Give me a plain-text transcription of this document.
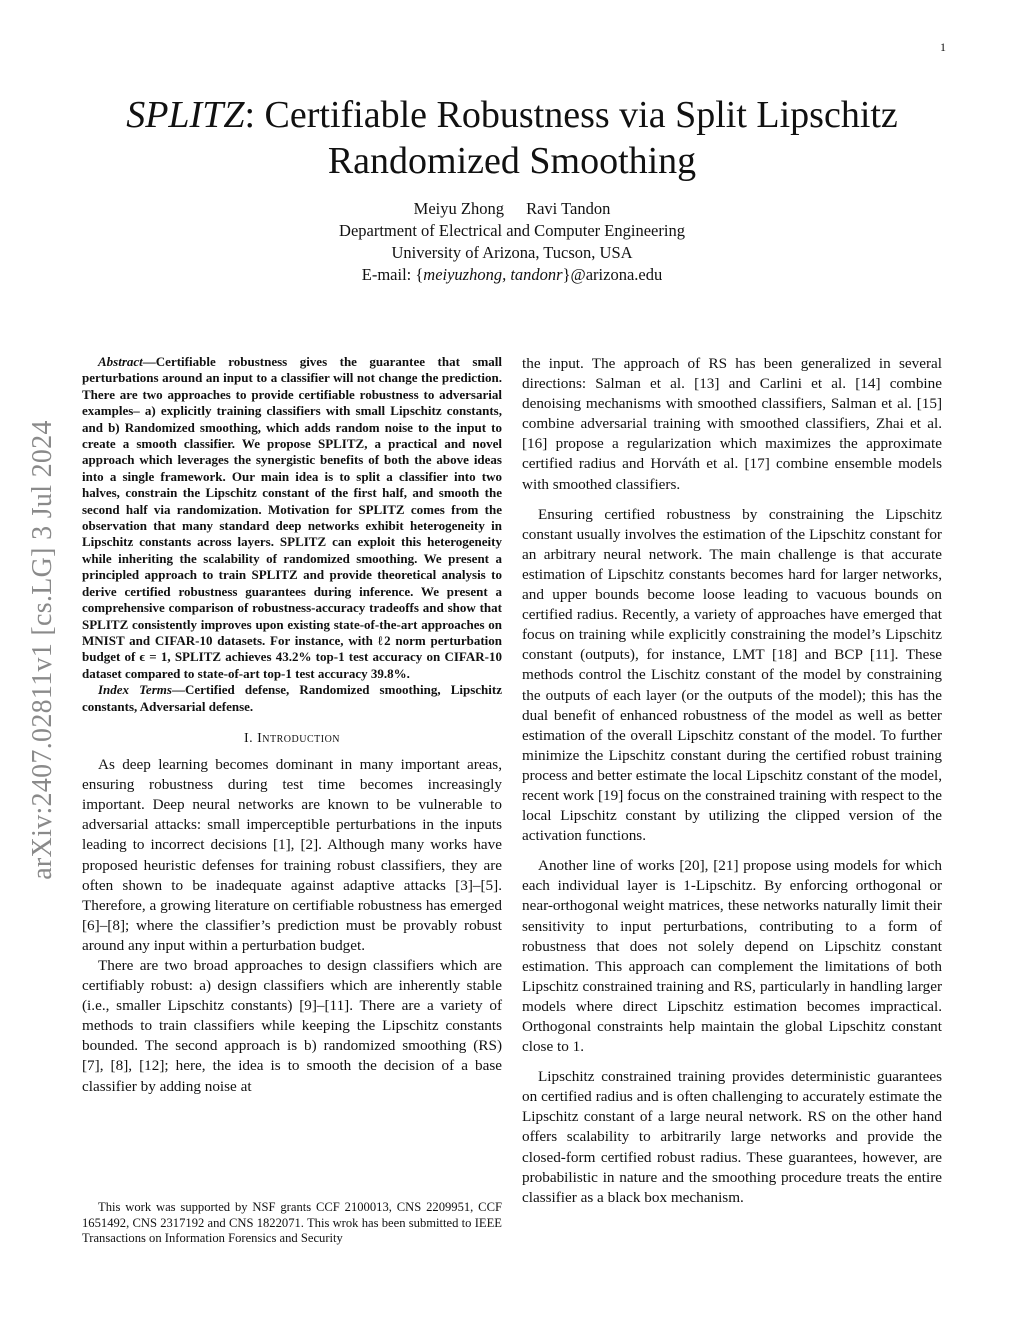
1
arXiv:2407.02811v1 [cs.LG] 3 Jul 2024
SPLITZ: Certifiable Robustness via Split Lipschitz Randomized Smoothing
Meiyu Zhong Ravi Tandon
Department of Electrical and Computer Engineering
University of Arizona, Tucson, USA
E-mail: {meiyuzhong, tandonr}@arizona.edu

Abstract—Certifiable robustness gives the guarantee that small perturbations around an input to a classifier will not change the prediction. There are two approaches to provide certifiable robustness to adversarial examples– a) explicitly training classifiers with small Lipschitz constants, and b) Randomized smoothing, which adds random noise to the input to create a smooth classifier. We propose SPLITZ, a practical and novel approach which leverages the synergistic benefits of both the above ideas into a single framework. Our main idea is to split a classifier into two halves, constrain the Lipschitz constant of the first half, and smooth the second half via randomization. Motivation for SPLITZ comes from the observation that many standard deep networks exhibit heterogeneity in Lipschitz constants across layers. SPLITZ can exploit this heterogeneity while inheriting the scalability of randomized smoothing. We present a principled approach to train SPLITZ and provide theoretical analysis to derive certified robustness guarantees during inference. We present a comprehensive comparison of robustness-accuracy tradeoffs and show that SPLITZ consistently improves upon existing state-of-the-art approaches on MNIST and CIFAR-10 datasets. For instance, with ℓ2 norm perturbation budget of ϵ = 1, SPLITZ achieves 43.2% top-1 test accuracy on CIFAR-10 dataset compared to state-of-art top-1 test accuracy 39.8%.

Index Terms—Certified defense, Randomized smoothing, Lipschitz constants, Adversarial defense.

I. Introduction

As deep learning becomes dominant in many important areas, ensuring robustness during test time becomes increasingly important. Deep neural networks are known to be vulnerable to adversarial attacks: small imperceptible perturbations in the inputs leading to incorrect decisions [1], [2]. Although many works have proposed heuristic defenses for training robust classifiers, they are often shown to be inadequate against adaptive attacks [3]–[5]. Therefore, a growing literature on certifiable robustness has emerged [6]–[8]; where the classifier’s prediction must be provably robust around any input within a perturbation budget.

There are two broad approaches to design classifiers which are certifiably robust: a) design classifiers which are inherently stable (i.e., smaller Lipschitz constants) [9]–[11]. There are a variety of methods to train classifiers while keeping the Lipschitz constants bounded. The second approach is b) randomized smoothing (RS) [7], [8], [12]; here, the idea is to smooth the decision of a base classifier by adding noise at

This work was supported by NSF grants CCF 2100013, CNS 2209951, CCF 1651492, CNS 2317192 and CNS 1822071. This wrok has been submitted to IEEE Transactions on Information Forensics and Security

the input. The approach of RS has been generalized in several directions: Salman et al. [13] and Carlini et al. [14] combine denoising mechanisms with smoothed classifiers, Salman et al. [15] combine adversarial training with smoothed classifiers, Zhai et al. [16] propose a regularization which maximizes the approximate certified radius and Horváth et al. [17] combine ensemble models with smoothed classifiers.

Ensuring certified robustness by constraining the Lipschitz constant usually involves the estimation of the Lipschitz constant for an arbitrary neural network. The main challenge is that accurate estimation of Lipschitz constants becomes hard for larger networks, and upper bounds become loose leading to vacuous bounds on certified radius. Recently, a variety of approaches have emerged that focus on training while explicitly constraining the model’s Lipschitz constant (outputs), for instance, LMT [18] and BCP [11]. These methods control the Lischitz constant of the model by constraining the outputs of each layer (or the outputs of the model); this has the dual benefit of enhanced robustness of the model as well as better estimation of the overall Lipschitz constant of the model. To further minimize the Lipschitz constant during the certified robust training process and better estimate the local Lipschitz constant of the model, recent work [19] focus on the constrained training with respect to the local Lipschitz constant by utilizing the clipped version of the activation functions.

Another line of works [20], [21] propose using models for which each individual layer is 1-Lipschitz. By enforcing orthogonal or near-orthogonal weight matrices, these networks naturally limit their sensitivity to input perturbations, contributing to a form of robustness that does not solely depend on Lipschitz constant estimation. This approach can complement the limitations of both Lipschitz constrained training and RS, particularly in handling larger models where direct Lipschitz estimation becomes impractical. Orthogonal constraints help maintain the global Lipschitz constant close to 1.

Lipschitz constrained training provides deterministic guarantees on certified radius and is often challenging to accurately estimate the Lipschitz constant of a large neural network. RS on the other hand offers scalability to arbitrarily large networks and provide the closed-form certified robust radius. These guarantees, however, are probabilistic in nature and the smoothing procedure treats the entire classifier as a black box mechanism.
